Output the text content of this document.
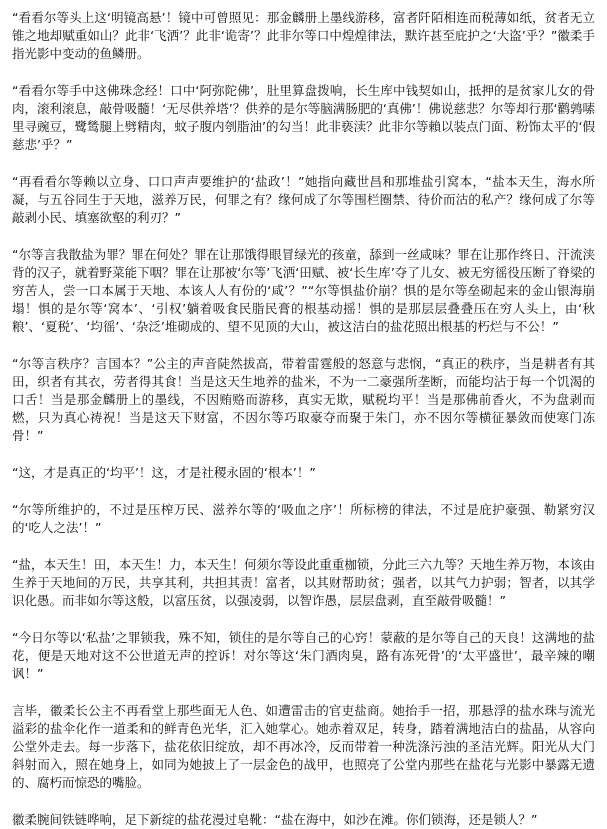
“看看尔等头上这‘明镜高悬’！镜中可曾照见：那金麟册上墨线游移，富者阡陌相连而税薄如纸，贫者无立锥之地却赋重如山？此非‘飞洒’？此非‘诡寄’？此非尔等口中煌煌律法，默许甚至庇护之‘大盗’乎？”徽柔手指光影中变动的鱼鳞册。

“看看尔等手中这佛珠念经！口中‘阿弥陀佛’，肚里算盘拨响，长生库中钱契如山，抵押的是贫家儿女的骨肉，滚利滚息，敲骨吸髓！‘无尽供养塔’？供养的是尔等脑满肠肥的‘真佛’！佛说慈悲？尔等却行那‘鹳鹑嗉里寻豌豆，鹭鸶腿上劈精肉，蚊子腹内刳脂油’的勾当！此非亵渎？此非尔等賴以装点门面、粉饰太平的‘假慈悲’乎？”

“再看看尔等赖以立身、口口声声要维护的‘盐政’！”她指向藏世昌和那堆盐引窝本，“盐本天生，海水所凝，与五谷同生于天地，滋养万民，何罪之有？缘何成了尔等围栏圈禁、待价而沽的私产？缘何成了尔等敲剥小民、填塞欲壑的利刃？”

“尔等言我散盐为罪？罪在何处？罪在让那饿得眼冒绿光的孩童，舔到一丝咸味？罪在让那作终日、汗流浃背的汉子，就着野菜能下咽？罪在让那被‘尔等’飞洒‘田赋、被‘长生库’夺了儿女、被无穷徭役压断了脊梁的穷苦人，尝一口本属于天地、本该人人有份的‘咸’？”“尔等惧盐价崩？惧的是尔等垒砌起来的金山银海崩塌！惧的是尔等‘窝本’、‘引权’躺着吸食民脂民膏的根基动摇！惧的是那层层叠叠压在穷人头上，由‘秋粮’、‘夏税’、‘均徭’、‘杂泛’堆砌成的、望不见顶的大山，被这洁白的盐花照出根基的朽烂与不公！”

“尔等言秩序？言国本？”公主的声音陡然拔高，带着雷霆般的怒意与悲悯，“真正的秩序，当是耕者有其田，织者有其衣，劳者得其食！当是这天生地养的盐米，不为一二豪强所垄断，而能均沾于每一个饥渴的口舌！当是那金麟册上的墨线，不因贿赂而游移，真实无欺，赋税均平！当是那佛前香火，不为盘剥而燃，只为真心祷祝！当是这天下财富，不因尔等巧取豪夺而聚于朱门，亦不因尔等横征暴敛而使寒门冻骨！”

“这，才是真正的‘均平’！这，才是社稷永固的‘根本’！”

“尔等所维护的，不过是压榨万民、滋养尔等的‘吸血之序’！所标榜的律法，不过是庇护豪强、勒紧穷汉的‘吃人之法’！”

“盐，本天生！田，本天生！力，本天生！何须尔等设此重重枷锁，分此三六九等？天地生养万物，本该由生养于天地间的万民，共享其利，共担其责！富者，以其财帮助贫；强者，以其气力护弱；智者，以其学识化愚。而非如尔等这般，以富压贫，以强凌弱，以智诈愚，层层盘剥，直至敲骨吸髓！”

“今日尔等以‘私盐’之罪锁我，殊不知，锁住的是尔等自己的心窍！蒙蔽的是尔等自己的天良！这满地的盐花，便是天地对这不公世道无声的控诉！对尔等这‘朱门酒肉臭，路有冻死骨’的‘太平盛世’，最辛辣的嘲讽！”

言毕，徽柔长公主不再看堂上那些面无人色、如遭雷击的官吏盐商。她抬手一招，那悬浮的盐水珠与流光溢彩的盐伞化作一道柔和的鲜青色光华，汇入她掌心。她赤着双足，转身，踏着满地洁白的盐晶，从容向公堂外走去。每一步落下，盐花依旧绽放，却不再冰冷，反而带着一种洗涤污浊的圣洁光辉。阳光从大门斜射而入，照在她身上，如同为她披上了一层金色的战甲，也照亮了公堂内那些在盐花与光影中暴露无遗的、腐朽而惊恐的嘴脸。

徽柔腕间铁链哗响，足下新绽的盐花漫过皂靴：“盐在海中，如沙在滩。你们锁海，还是锁人？”
